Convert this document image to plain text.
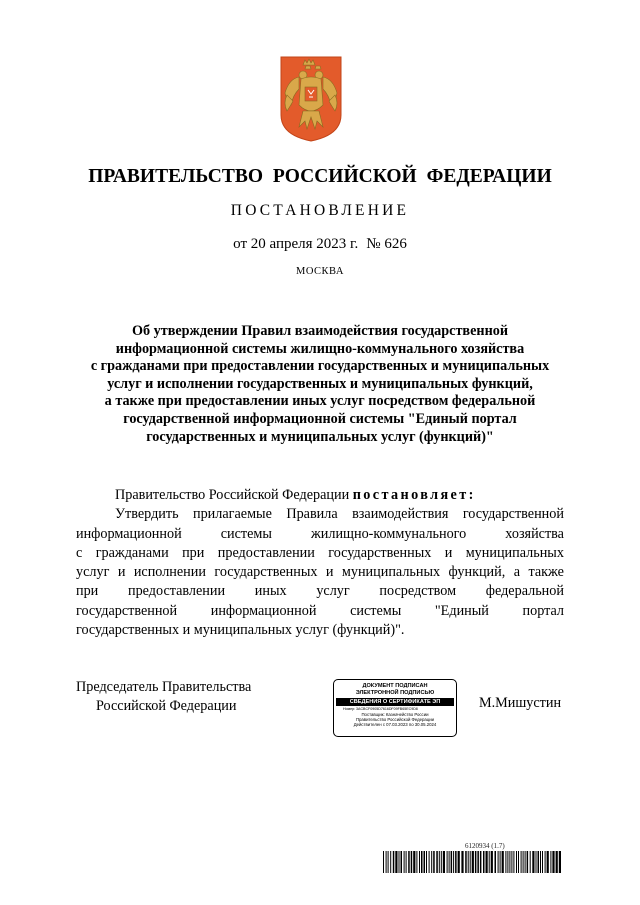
ПРАВИТЕЛЬСТВО РОССИЙСКОЙ ФЕДЕРАЦИИ
ПОСТАНОВЛЕНИЕ
от 20 апреля 2023 г. № 626
МОСКВА
Об утверждении Правил взаимодействия государственной
информационной системы жилищно-коммунального хозяйства
с гражданами при предоставлении государственных и муниципальных
услуг и исполнении государственных и муниципальных функций,
а также при предоставлении иных услуг посредством федеральной
государственной информационной системы "Единый портал
государственных и муниципальных услуг (функций)"
Правительство Российской Федерации постановляет:
Утвердить прилагаемые Правила взаимодействия государственной
информационной	системы	жилищно-коммунального	хозяйства
с гражданами при предоставлении государственных и муниципальных
услуг и исполнении государственных и муниципальных функций, а также
при предоставлении иных услуг посредством федеральной
государственной информационной системы "Единый портал
государственных и муниципальных услуг (функций)".
Председатель Правительства
Российской Федерации
ДОКУМЕНТ ПОДПИСАН
ЭЛЕКТРОННОЙ ПОДПИСЬЮ
СВЕДЕНИЯ О СЕРТИФИКАТЕ ЭП
Номер: 3ACBCF0905D7616DF09FB65EC9D8
Поставщик: Казначейство России
Правительство Российской Федерации
Действителен с 07.03.2023 по 30.05.2024
М.Мишустин
6120934 (1.7)
